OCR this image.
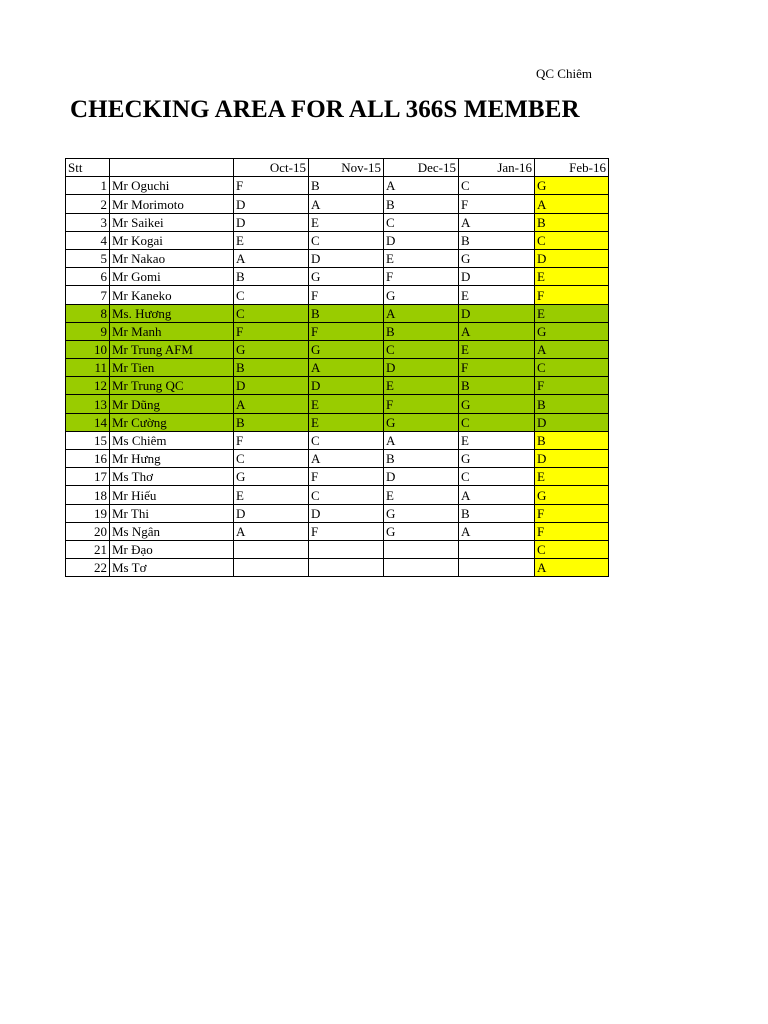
QC Chiêm
CHECKING AREA FOR ALL 366S MEMBER
Stt		Oct-15	Nov-15	Dec-15	Jan-16	Feb-16
1	Mr Oguchi	F	B	A	C	G
2	Mr Morimoto	D	A	B	F	A
3	Mr Saikei	D	E	C	A	B
4	Mr Kogai	E	C	D	B	C
5	Mr Nakao	A	D	E	G	D
6	Mr Gomi	B	G	F	D	E
7	Mr Kaneko	C	F	G	E	F
8	Ms. Hương	C	B	A	D	E
9	Mr Manh	F	F	B	A	G
10	Mr Trung AFM	G	G	C	E	A
11	Mr Tien	B	A	D	F	C
12	Mr Trung QC	D	D	E	B	F
13	Mr Dũng	A	E	F	G	B
14	Mr Cường	B	E	G	C	D
15	Ms Chiêm	F	C	A	E	B
16	Mr Hưng	C	A	B	G	D
17	Ms Thơ	G	F	D	C	E
18	Mr Hiếu	E	C	E	A	G
19	Mr Thi	D	D	G	B	F
20	Ms Ngân	A	F	G	A	F
21	Mr Đạo					C
22	Ms Tơ					A
